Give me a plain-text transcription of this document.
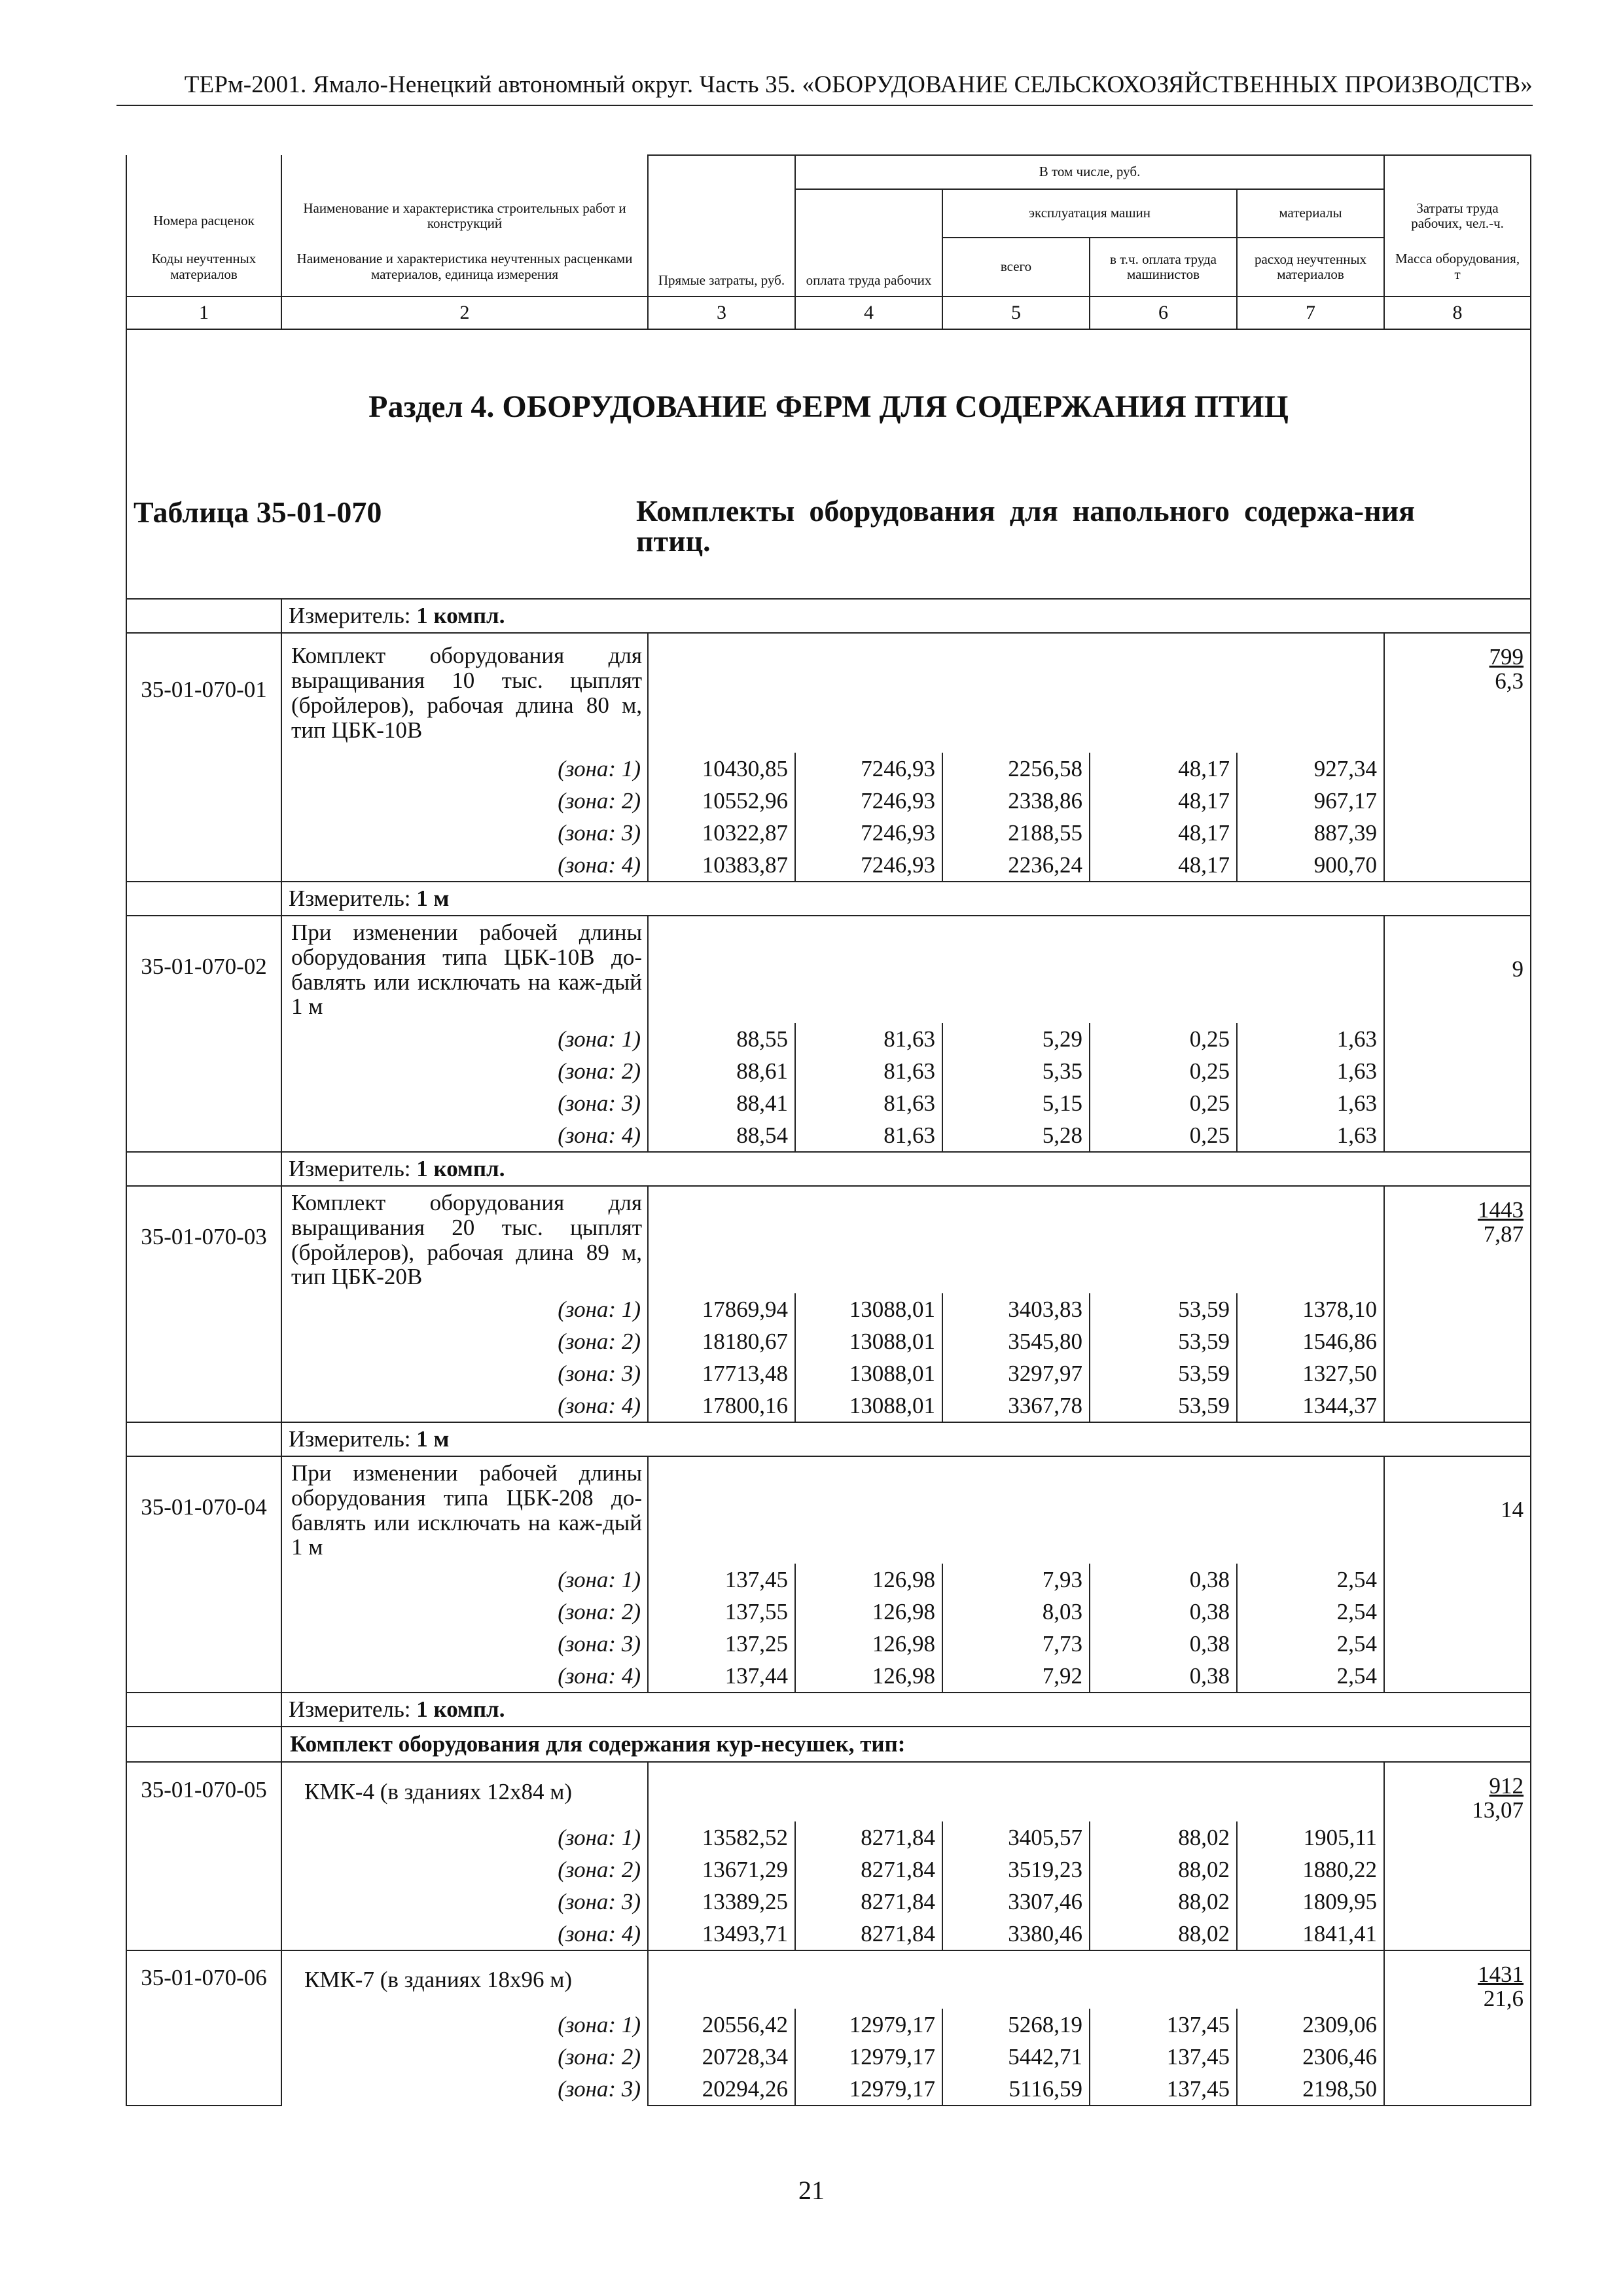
ТЕРм-2001. Ямало-Ненецкий автономный округ. Часть 35. «ОБОРУДОВАНИЕ СЕЛЬСКОХОЗЯЙСТВЕННЫХ ПРОИЗВОДСТВ»
Номера расценок	Наименование и характеристика строительных работ и конструкций	Прямые затраты, руб.	В том числе, руб.				Затраты труда рабочих, чел.-ч.
			оплата труда рабочих	эксплуатация машин		материалы	

Коды неучтенных материалов	Наименование и характеристика неучтенных расценками материалов, единица измерения			всего	в т.ч. оплата труда машинистов	расход неучтенных материалов	Масса оборудования, т

1	2	3	4	5	6	7	8

Раздел 4. ОБОРУДОВАНИЕ ФЕРМ ДЛЯ СОДЕРЖАНИЯ ПТИЦ
Таблица 35-01-070 Комплекты оборудования для напольного содержа-ния птиц.							

	Измеритель: 1 компл.						
35-01-070-01	Комплект оборудования для выращивания 10 тыс. цыплят (бройлеров), рабочая длина 80 м, тип ЦБК-10В						$\frac{799}{6,3}$

	(зона: 1)	10430,85	7246,93	2256,58	48,17	927,34	
	(зона: 2)	10552,96	7246,93	2338,86	48,17	967,17	
	(зона: 3)	10322,87	7246,93	2188,55	48,17	887,39	
	(зона: 4)	10383,87	7246,93	2236,24	48,17	900,70	
	Измеритель: 1 м						
35-01-070-02	При изменении рабочей длины оборудования типа ЦБК-10В до-бавлять или исключать на каж-дый 1 м						9
	(зона: 1)	88,55	81,63	5,29	0,25	1,63	
	(зона: 2)	88,61	81,63	5,35	0,25	1,63	
	(зона: 3)	88,41	81,63	5,15	0,25	1,63	
	(зона: 4)	88,54	81,63	5,28	0,25	1,63	
	Измеритель: 1 компл.						
35-01-070-03	Комплект оборудования для выращивания 20 тыс. цыплят (бройлеров), рабочая длина 89 м, тип ЦБК-20В						$\frac{1443}{7,87}$

	(зона: 1)	17869,94	13088,01	3403,83	53,59	1378,10	
	(зона: 2)	18180,67	13088,01	3545,80	53,59	1546,86	
	(зона: 3)	17713,48	13088,01	3297,97	53,59	1327,50	
	(зона: 4)	17800,16	13088,01	3367,78	53,59	1344,37	
	Измеритель: 1 м						
35-01-070-04	При изменении рабочей длины оборудования типа ЦБК-208 до-бавлять или исключать на каж-дый 1 м						14
	(зона: 1)	137,45	126,98	7,93	0,38	2,54	
	(зона: 2)	137,55	126,98	8,03	0,38	2,54	
	(зона: 3)	137,25	126,98	7,73	0,38	2,54	
	(зона: 4)	137,44	126,98	7,92	0,38	2,54	
	Измеритель: 1 компл.						
	Комплект оборудования для содержания кур-несушек, тип:						
35-01-070-05	КМК-4 (в зданиях 12х84 м)						$\frac{912}{13,07}$

	(зона: 1)	13582,52	8271,84	3405,57	88,02	1905,11	
	(зона: 2)	13671,29	8271,84	3519,23	88,02	1880,22	
	(зона: 3)	13389,25	8271,84	3307,46	88,02	1809,95	
	(зона: 4)	13493,71	8271,84	3380,46	88,02	1841,41	
35-01-070-06	КМК-7 (в зданиях 18х96 м)						$\frac{1431}{21,6}$

	(зона: 1)	20556,42	12979,17	5268,19	137,45	2309,06	
	(зона: 2)	20728,34	12979,17	5442,71	137,45	2306,46	
	(зона: 3)	20294,26	12979,17	5116,59	137,45	2198,50	
21
